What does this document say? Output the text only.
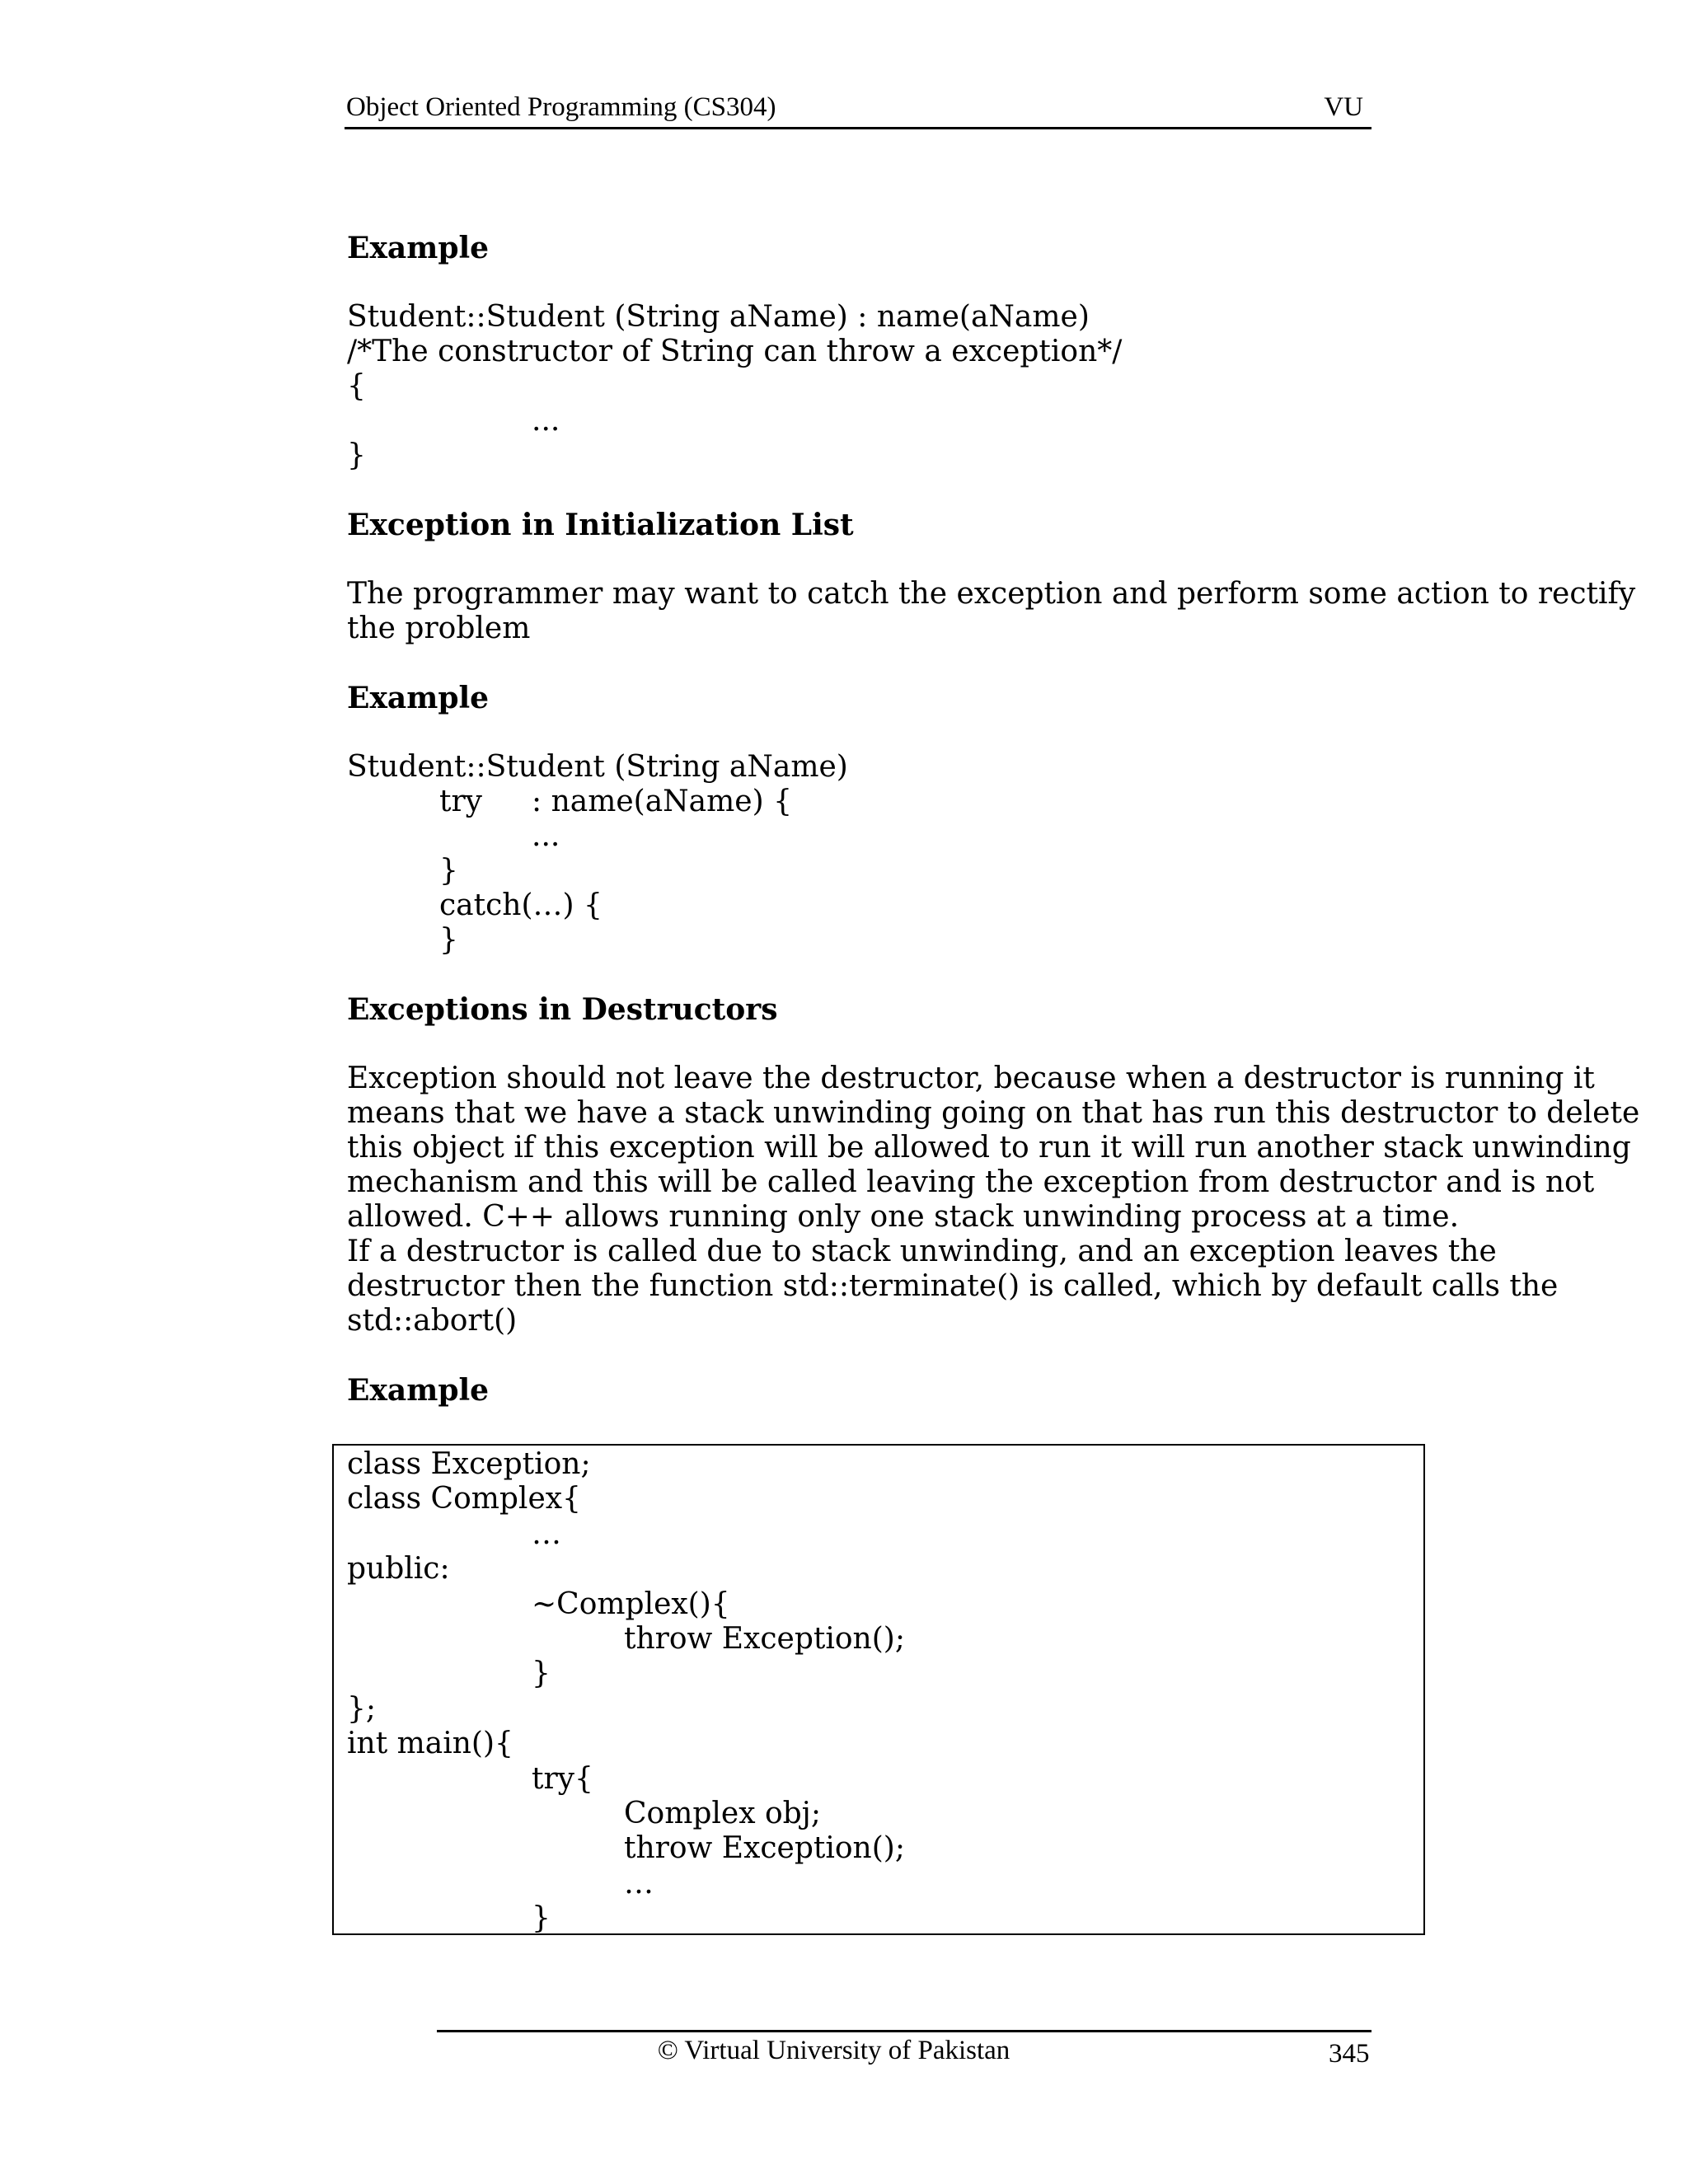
Object Oriented Programming (CS304)	VU

Example

Student::Student (String aName) : name(aName)

/*The constructor of String can throw a exception*/

{

...

}

Exception in Initialization List

The programmer may want to catch the exception and perform some action to rectify

the problem

Example

Student::Student (String aName)

try : name(aName) {

...

}

catch(…) {

}

Exceptions in Destructors

Exception should not leave the destructor, because when a destructor is running it

means that we have a stack unwinding going on that has run this destructor to delete

this object if this exception will be allowed to run it will run another stack unwinding

mechanism and this will be called leaving the exception from destructor and is not

allowed. C++ allows running only one stack unwinding process at a time.

If a destructor is called due to stack unwinding, and an exception leaves the

destructor then the function std::terminate() is called, which by default calls the

std::abort()

Example

class Exception;

class Complex{

…

public:

~Complex(){

throw Exception();

}

};

int main(){

try{

Complex obj;

throw Exception();

…

}

© Virtual University of Pakistan	345
